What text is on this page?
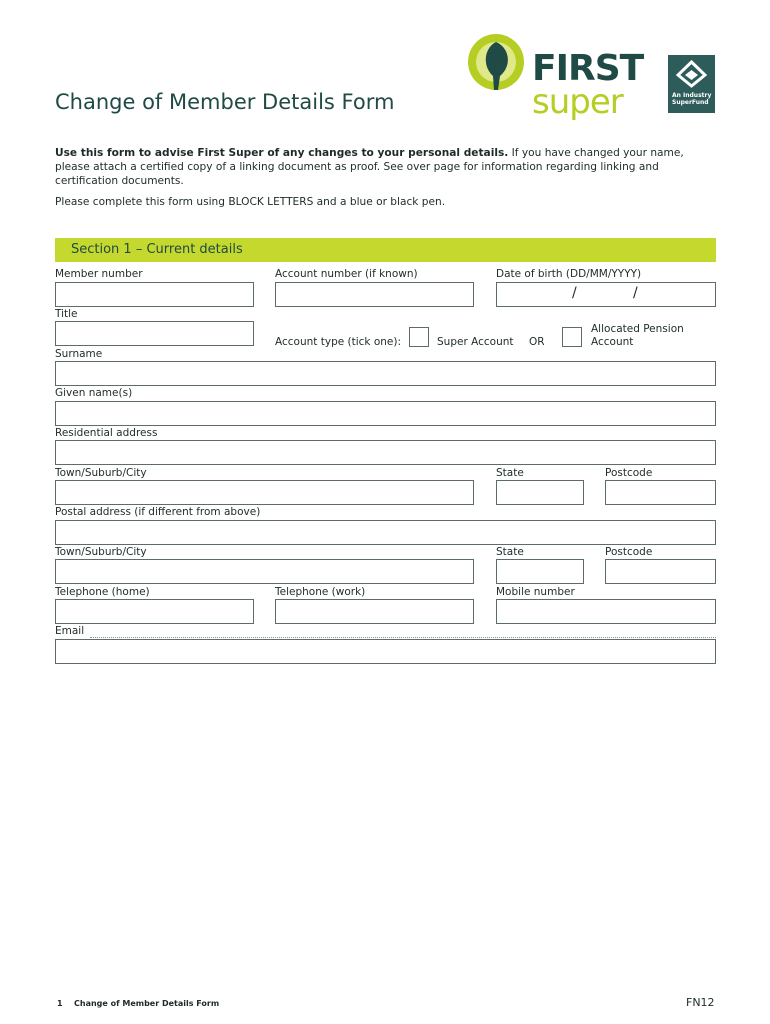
FIRST
super	An Industry
SuperFund
Change of Member Details Form
Use this form to advise First Super of any changes to your personal details. If you have changed your name, please attach a certified copy of a linking document as proof. See over page for information regarding linking and certification documents.
Please complete this form using BLOCK LETTERS and a blue or black pen.
Section 1 – Current details
Member number	Account number (if known)	Date of birth (DD/MM/YYYY)
/	/
Title
Account type (tick one):	Super Account OR
Allocated Pension
Account
Surname
Given name(s)
Residential address
Town/Suburb/City	State	Postcode
Postal address (if different from above)
Town/Suburb/City	State	Postcode
Telephone (home)	Telephone (work)	Mobile number
Email
1 Change of Member Details Form	FN12
